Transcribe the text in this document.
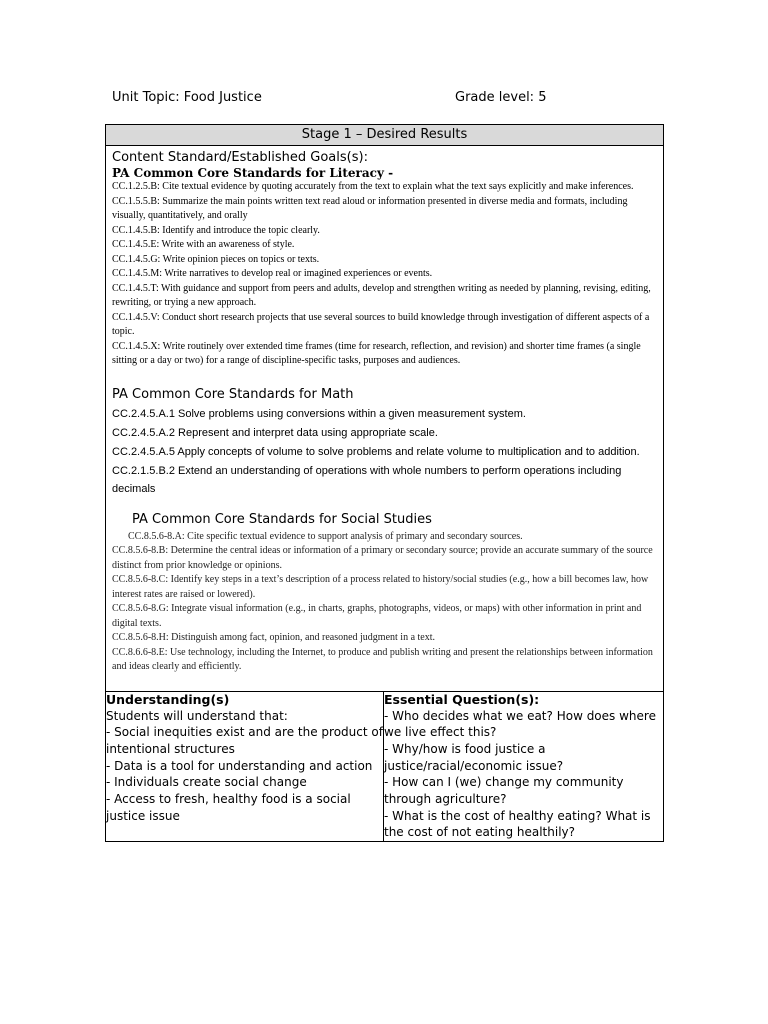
Unit Topic: Food Justice	Grade level: 5
Stage 1 – Desired Results

Content Standard/Established Goals(s):

PA Common Core Standards for Literacy -

CC.1.2.5.B: Cite textual evidence by quoting accurately from the text to explain what the text says explicitly and make inferences.
CC.1.5.5.B: Summarize the main points written text read aloud or information presented in diverse media and formats, including visually, quantitatively, and orally
CC.1.4.5.B: Identify and introduce the topic clearly.
CC.1.4.5.E: Write with an awareness of style.
CC.1.4.5.G: Write opinion pieces on topics or texts.
CC.1.4.5.M: Write narratives to develop real or imagined experiences or events.
CC.1.4.5.T: With guidance and support from peers and adults, develop and strengthen writing as needed by planning, revising, editing, rewriting, or trying a new approach.
CC.1.4.5.V: Conduct short research projects that use several sources to build knowledge through investigation of different aspects of a topic.
CC.1.4.5.X: Write routinely over extended time frames (time for research, reflection, and revision) and shorter time frames (a single sitting or a day or two) for a range of discipline-specific tasks, purposes and audiences.

PA Common Core Standards for Math

CC.2.4.5.A.1 Solve problems using conversions within a given measurement system.
CC.2.4.5.A.2 Represent and interpret data using appropriate scale.
CC.2.4.5.A.5 Apply concepts of volume to solve problems and relate volume to multiplication and to addition.
CC.2.1.5.B.2 Extend an understanding of operations with whole numbers to perform operations including decimals

PA Common Core Standards for Social Studies

CC.8.5.6-8.A: Cite specific textual evidence to support analysis of primary and secondary sources.
CC.8.5.6-8.B: Determine the central ideas or information of a primary or secondary source; provide an accurate summary of the source distinct from prior knowledge or opinions.
CC.8.5.6-8.C: Identify key steps in a text’s description of a process related to history/social studies (e.g., how a bill becomes law, how interest rates are raised or lowered).
CC.8.5.6-8.G: Integrate visual information (e.g., in charts, graphs, photographs, videos, or maps) with other information in print and digital texts.
CC.8.5.6-8.H: Distinguish among fact, opinion, and reasoned judgment in a text.
CC.8.6.6-8.E: Use technology, including the Internet, to produce and publish writing and present the relationships between information and ideas clearly and efficiently.

Understanding(s)

Students will understand that:

- Social inequities exist and are the product of intentional structures
- Data is a tool for understanding and action
- Individuals create social change
- Access to fresh, healthy food is a social justice issue

Essential Question(s):

- Who decides what we eat? How does where we live effect this?
- Why/how is food justice a justice/racial/economic issue?
- How can I (we) change my community through agriculture?
- What is the cost of healthy eating? What is the cost of not eating healthily?
